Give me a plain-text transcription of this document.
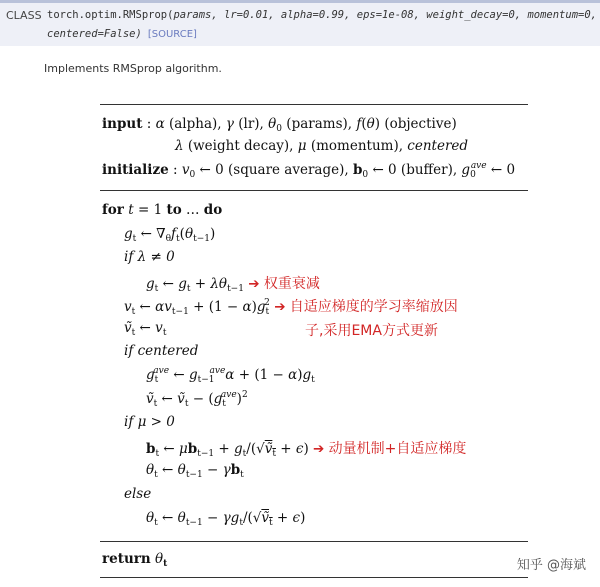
CLASS torch.optim.RMSprop(params, lr=0.01, alpha=0.99, eps=1e-08, weight_decay=0, momentum=0,
centered=False) [SOURCE]
Implements RMSprop algorithm.
input : α (alpha), γ (lr), $\theta_0$ (params), f(θ) (objective)
λ (weight decay), μ (momentum), centered
initialize : $v_0$ ← 0 (square average), $b_0$ ← 0 (buffer), $g_0^{ave}$ ← 0
for t = 1 to … do
$g_t$ ← $\nabla_\theta f_t(\theta_{t-1})$
if λ ≠ 0
$g_t$ ← $g_t + \lambda\theta_{t-1}$ ➔ 权重衰减
$v_t$ ← $\alpha v_{t-1} + (1 - \alpha)g_t^2$ ➔ 自适应梯度的学习率缩放因
子,采用EMA方式更新
ṽ$_t$ ← $v_t$
if centered
$g_t^{ave}$ ← $g_{t-1}^{ave}\alpha + (1 - \alpha)g_t$
ṽ$_t$ ← ṽ$_t$ − $(g_t^{ave})^2$
if μ > 0
$b_t$ ← $\mu b_{t-1}$ + $g_t/(√ṽ_t + \epsilon)$ ➔ 动量机制+自适应梯度
$\theta_t$ ← $\theta_{t-1} - \gamma b_t$
else
$\theta_t$ ← $\theta_{t-1}$ − $\gamma g_t/(√ṽ_t + \epsilon)$
return $\theta_t$	知乎 @海斌
